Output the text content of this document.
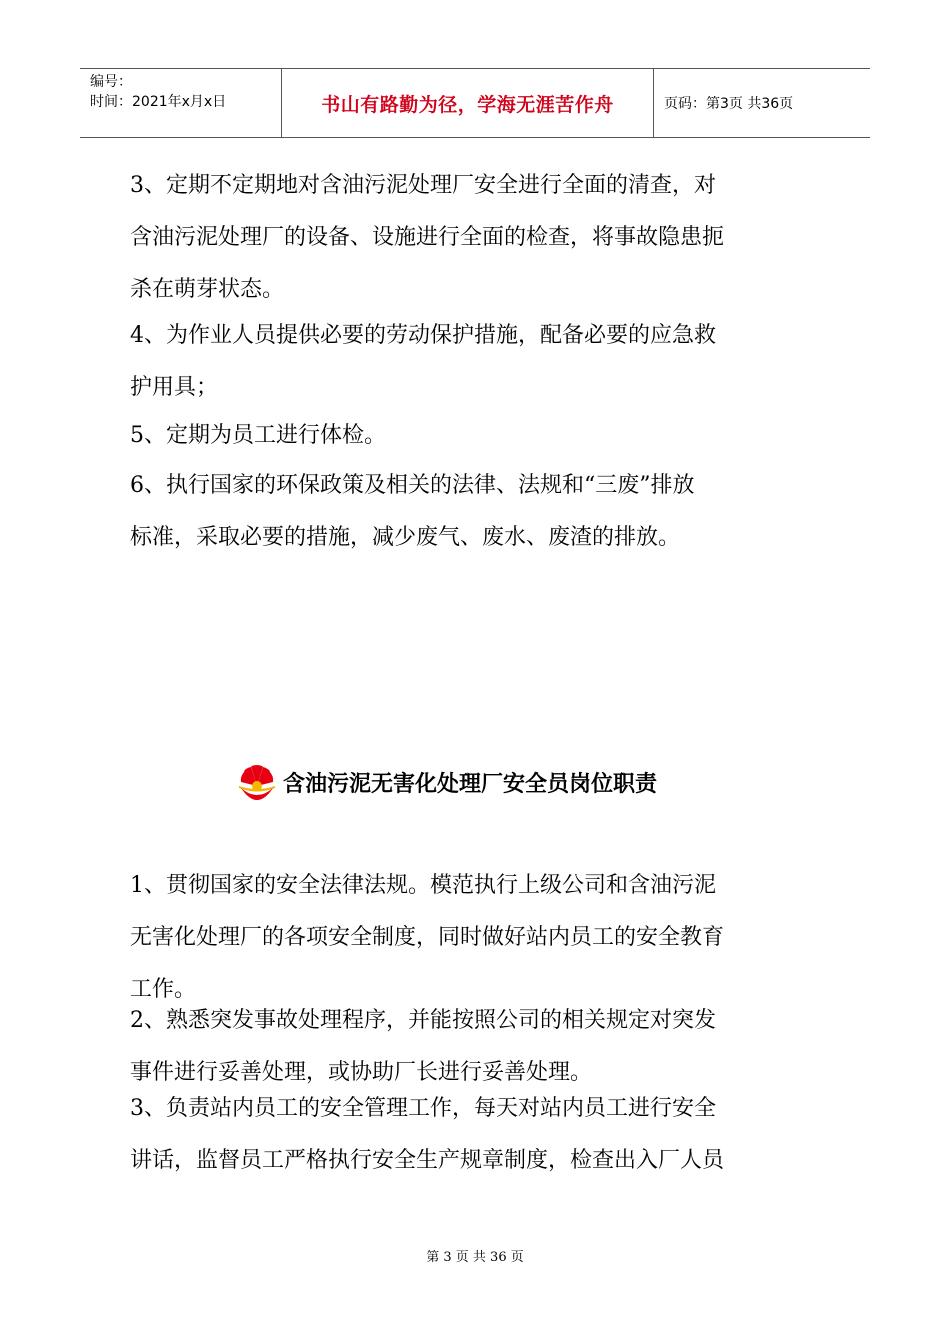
编号：
时间：2021年x月x日	书山有路勤为径，学海无涯苦作舟	页码：第3页 共36页
3、定期不定期地对含油污泥处理厂安全进行全面的清查，对
含油污泥处理厂的设备、设施进行全面的检查，将事故隐患扼
杀在萌芽状态。
4、为作业人员提供必要的劳动保护措施，配备必要的应急救
护用具；
5、定期为员工进行体检。
6、执行国家的环保政策及相关的法律、法规和“三废”排放
标准，采取必要的措施，减少废气、废水、废渣的排放。
含油污泥无害化处理厂安全员岗位职责
1、贯彻国家的安全法律法规。模范执行上级公司和含油污泥
无害化处理厂的各项安全制度，同时做好站内员工的安全教育
工作。
2、熟悉突发事故处理程序，并能按照公司的相关规定对突发
事件进行妥善处理，或协助厂长进行妥善处理。
3、负责站内员工的安全管理工作，每天对站内员工进行安全
讲话，监督员工严格执行安全生产规章制度，检查出入厂人员
第 3 页 共 36 页
